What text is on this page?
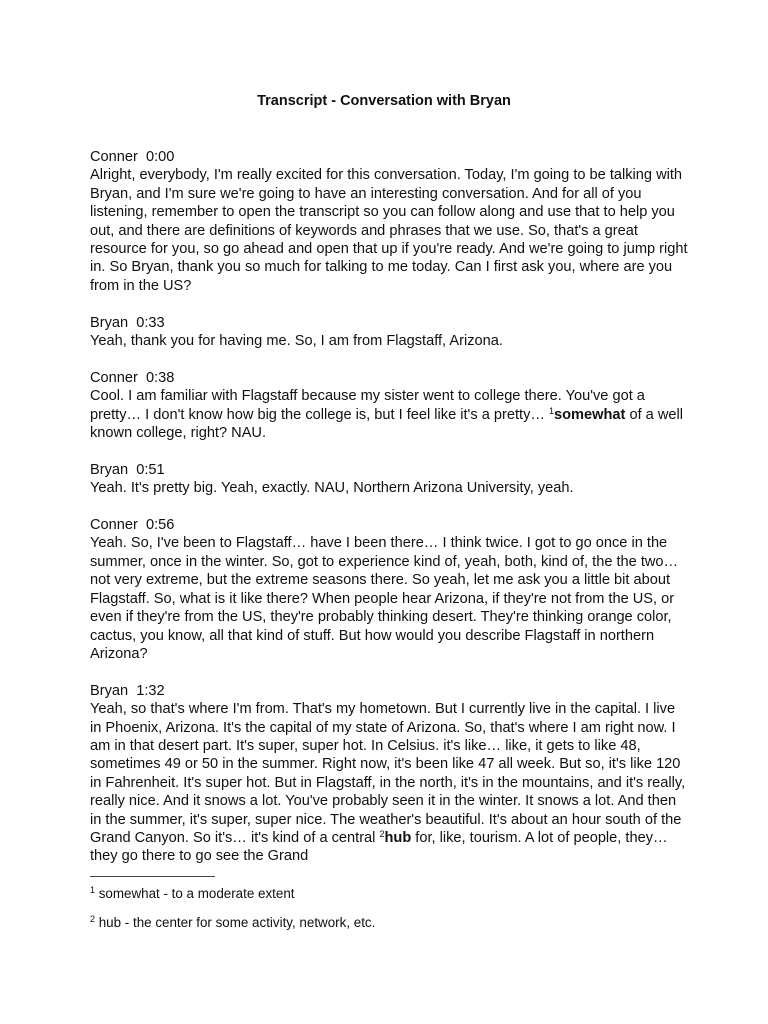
Transcript - Conversation with Bryan
Conner 0:00
Alright, everybody, I'm really excited for this conversation. Today, I'm going to be talking with Bryan, and I'm sure we're going to have an interesting conversation. And for all of you listening, remember to open the transcript so you can follow along and use that to help you out, and there are definitions of keywords and phrases that we use. So, that's a great resource for you, so go ahead and open that up if you're ready. And we're going to jump right in. So Bryan, thank you so much for talking to me today. Can I first ask you, where are you from in the US?
Bryan 0:33
Yeah, thank you for having me. So, I am from Flagstaff, Arizona.
Conner 0:38
Cool. I am familiar with Flagstaff because my sister went to college there. You've got a pretty… I don't know how big the college is, but I feel like it's a pretty… $^1$somewhat of a well known college, right? NAU.
Bryan 0:51
Yeah. It's pretty big. Yeah, exactly. NAU, Northern Arizona University, yeah.
Conner 0:56
Yeah. So, I've been to Flagstaff… have I been there… I think twice. I got to go once in the summer, once in the winter. So, got to experience kind of, yeah, both, kind of, the the two… not very extreme, but the extreme seasons there. So yeah, let me ask you a little bit about Flagstaff. So, what is it like there? When people hear Arizona, if they're not from the US, or even if they're from the US, they're probably thinking desert. They're thinking orange color, cactus, you know, all that kind of stuff. But how would you describe Flagstaff in northern Arizona?
Bryan 1:32
Yeah, so that's where I'm from. That's my hometown. But I currently live in the capital. I live in Phoenix, Arizona. It's the capital of my state of Arizona. So, that's where I am right now. I am in that desert part. It's super, super hot. In Celsius. it's like… like, it gets to like 48, sometimes 49 or 50 in the summer. Right now, it's been like 47 all week. But so, it's like 120 in Fahrenheit. It's super hot. But in Flagstaff, in the north, it's in the mountains, and it's really, really nice. And it snows a lot. You've probably seen it in the winter. It snows a lot. And then in the summer, it's super, super nice. The weather's beautiful. It's about an hour south of the Grand Canyon. So it's… it's kind of a central $^2$hub for, like, tourism. A lot of people, they… they go there to go see the Grand
$^1$ somewhat - to a moderate extent
$^2$ hub - the center for some activity, network, etc.
